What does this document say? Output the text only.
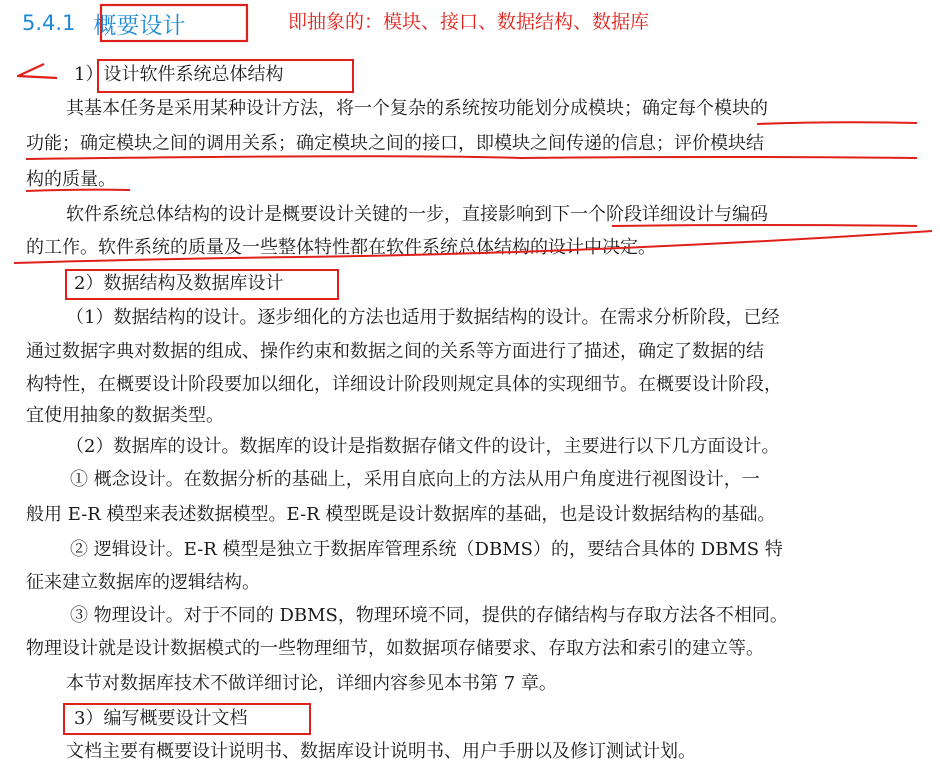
5.4.1 概要设计	即抽象的：模块、接口、数据结构、数据库
1）设计软件系统总体结构
其基本任务是采用某种设计方法，将一个复杂的系统按功能划分成模块；确定每个模块的
功能；确定模块之间的调用关系；确定模块之间的接口，即模块之间传递的信息；评价模块结
构的质量。
软件系统总体结构的设计是概要设计关键的一步，直接影响到下一个阶段详细设计与编码
的工作。软件系统的质量及一些整体特性都在软件系统总体结构的设计中决定。
2）数据结构及数据库设计
（1）数据结构的设计。逐步细化的方法也适用于数据结构的设计。在需求分析阶段，已经
通过数据字典对数据的组成、操作约束和数据之间的关系等方面进行了描述，确定了数据的结
构特性，在概要设计阶段要加以细化，详细设计阶段则规定具体的实现细节。在概要设计阶段，
宜使用抽象的数据类型。
（2）数据库的设计。数据库的设计是指数据存储文件的设计，主要进行以下几方面设计。
① 概念设计。在数据分析的基础上，采用自底向上的方法从用户角度进行视图设计，一
般用 E-R 模型来表述数据模型。E-R 模型既是设计数据库的基础，也是设计数据结构的基础。
② 逻辑设计。E-R 模型是独立于数据库管理系统（DBMS）的，要结合具体的 DBMS 特
征来建立数据库的逻辑结构。
③ 物理设计。对于不同的 DBMS，物理环境不同，提供的存储结构与存取方法各不相同。
物理设计就是设计数据模式的一些物理细节，如数据项存储要求、存取方法和索引的建立等。
本节对数据库技术不做详细讨论，详细内容参见本书第 7 章。
3）编写概要设计文档
文档主要有概要设计说明书、数据库设计说明书、用户手册以及修订测试计划。
